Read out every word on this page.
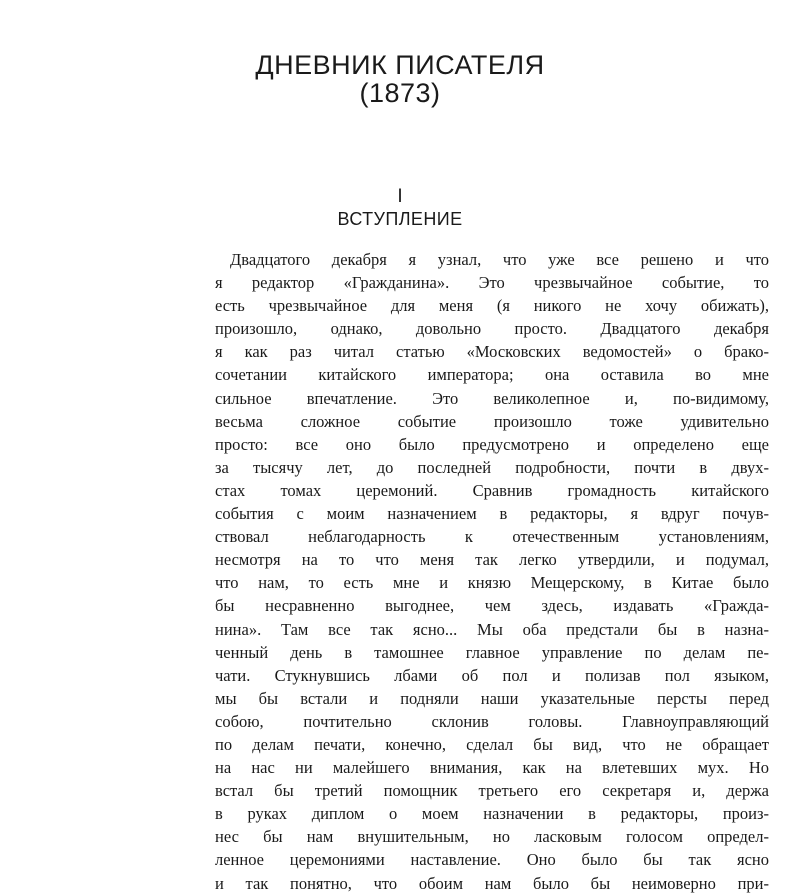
ДНЕВНИК ПИСАТЕЛЯ
(1873)
I
ВСТУПЛЕНИЕ
Двадцатого декабря я узнал, что уже все решено и что
я редактор «Гражданина». Это чрезвычайное событие, то
есть чрезвычайное для меня (я никого не хочу обижать),
произошло, однако, довольно просто. Двадцатого декабря
я как раз читал статью «Московских ведомостей» о брако-
сочетании китайского императора; она оставила во мне
сильное впечатление. Это великолепное и, по-видимому,
весьма сложное событие произошло тоже удивительно
просто: все оно было предусмотрено и определено еще
за тысячу лет, до последней подробности, почти в двух-
стах томах церемоний. Сравнив громадность китайского
события с моим назначением в редакторы, я вдруг почув-
ствовал неблагодарность к отечественным установлениям,
несмотря на то что меня так легко утвердили, и подумал,
что нам, то есть мне и князю Мещерскому, в Китае было
бы несравненно выгоднее, чем здесь, издавать «Гражда-
нина». Там все так ясно... Мы оба предстали бы в назна-
ченный день в тамошнее главное управление по делам пе-
чати. Стукнувшись лбами об пол и полизав пол языком,
мы бы встали и подняли наши указательные персты перед
собою, почтительно склонив головы. Главноуправляющий
по делам печати, конечно, сделал бы вид, что не обращает
на нас ни малейшего внимания, как на влетевших мух. Но
встал бы третий помощник третьего его секретаря и, держа
в руках диплом о моем назначении в редакторы, произ-
нес бы нам внушительным, но ласковым голосом определ-
ленное церемониями наставление. Оно было бы так ясно
и так понятно, что обоим нам было бы неимоверно при-
